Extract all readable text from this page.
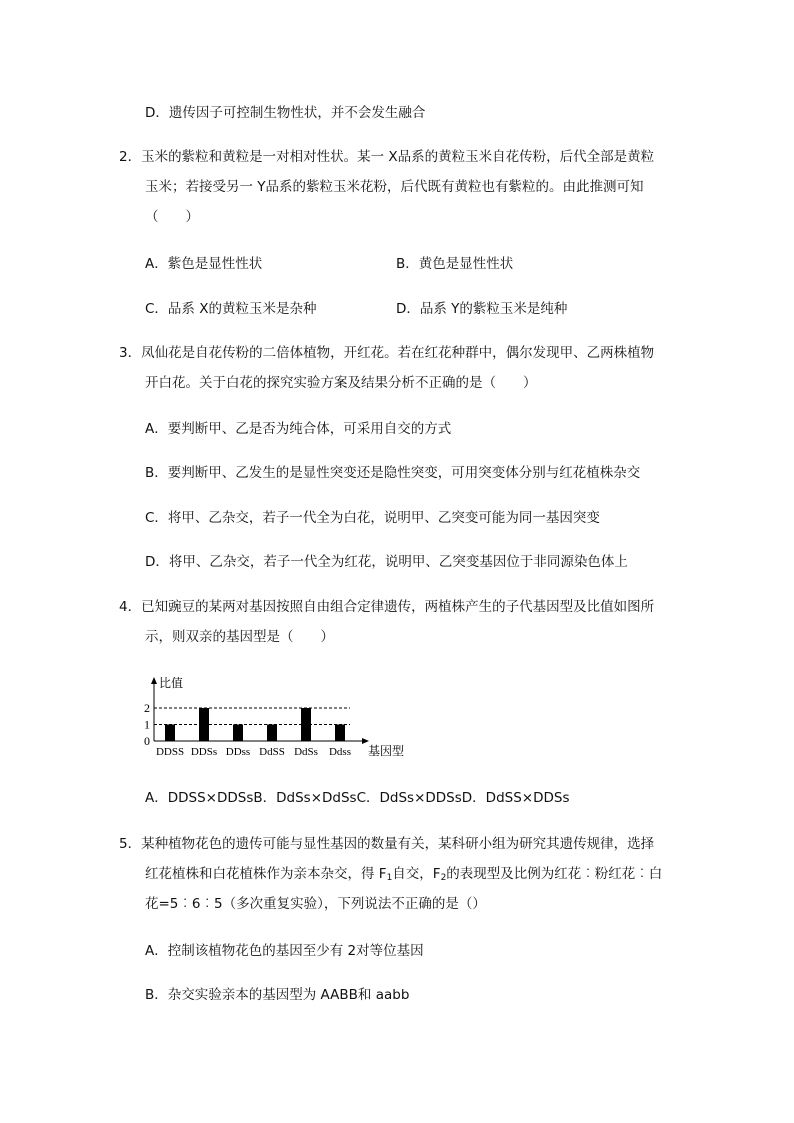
D．遗传因子可控制生物性状，并不会发生融合
2．玉米的紫粒和黄粒是一对相对性状。某一 X品系的黄粒玉米自花传粉，后代全部是黄粒
玉米；若接受另一 Y品系的紫粒玉米花粉，后代既有黄粒也有紫粒的。由此推测可知
（　　）
A．紫色是显性性状	B．黄色是显性性状
C．品系 X的黄粒玉米是杂种	D．品系 Y的紫粒玉米是纯种
3．凤仙花是自花传粉的二倍体植物，开红花。若在红花种群中，偶尔发现甲、乙两株植物
开白花。关于白花的探究实验方案及结果分析不正确的是（　　）
A．要判断甲、乙是否为纯合体，可采用自交的方式
B．要判断甲、乙发生的是显性突变还是隐性突变，可用突变体分别与红花植株杂交
C．将甲、乙杂交，若子一代全为白花，说明甲、乙突变可能为同一基因突变
D．将甲、乙杂交，若子一代全为红花，说明甲、乙突变基因位于非同源染色体上
4．已知豌豆的某两对基因按照自由组合定律遗传，两植株产生的子代基因型及比值如图所
示，则双亲的基因型是（　　）
0
1
2
比值
DDSS DDSs DDss DdSS DdSs Ddss 基因型
A．DDSS×DDSsB．DdSs×DdSsC．DdSs×DDSsD．DdSS×DDSs
5．某种植物花色的遗传可能与显性基因的数量有关，某科研小组为研究其遗传规律，选择
红花植株和白花植株作为亲本杂交，得 $F_1$自交，$F_2$的表现型及比例为红花︰粉红花︰白
花=5︰6︰5（多次重复实验），下列说法不正确的是（）
A．控制该植物花色的基因至少有 2对等位基因
B．杂交实验亲本的基因型为 AABB和 aabb
